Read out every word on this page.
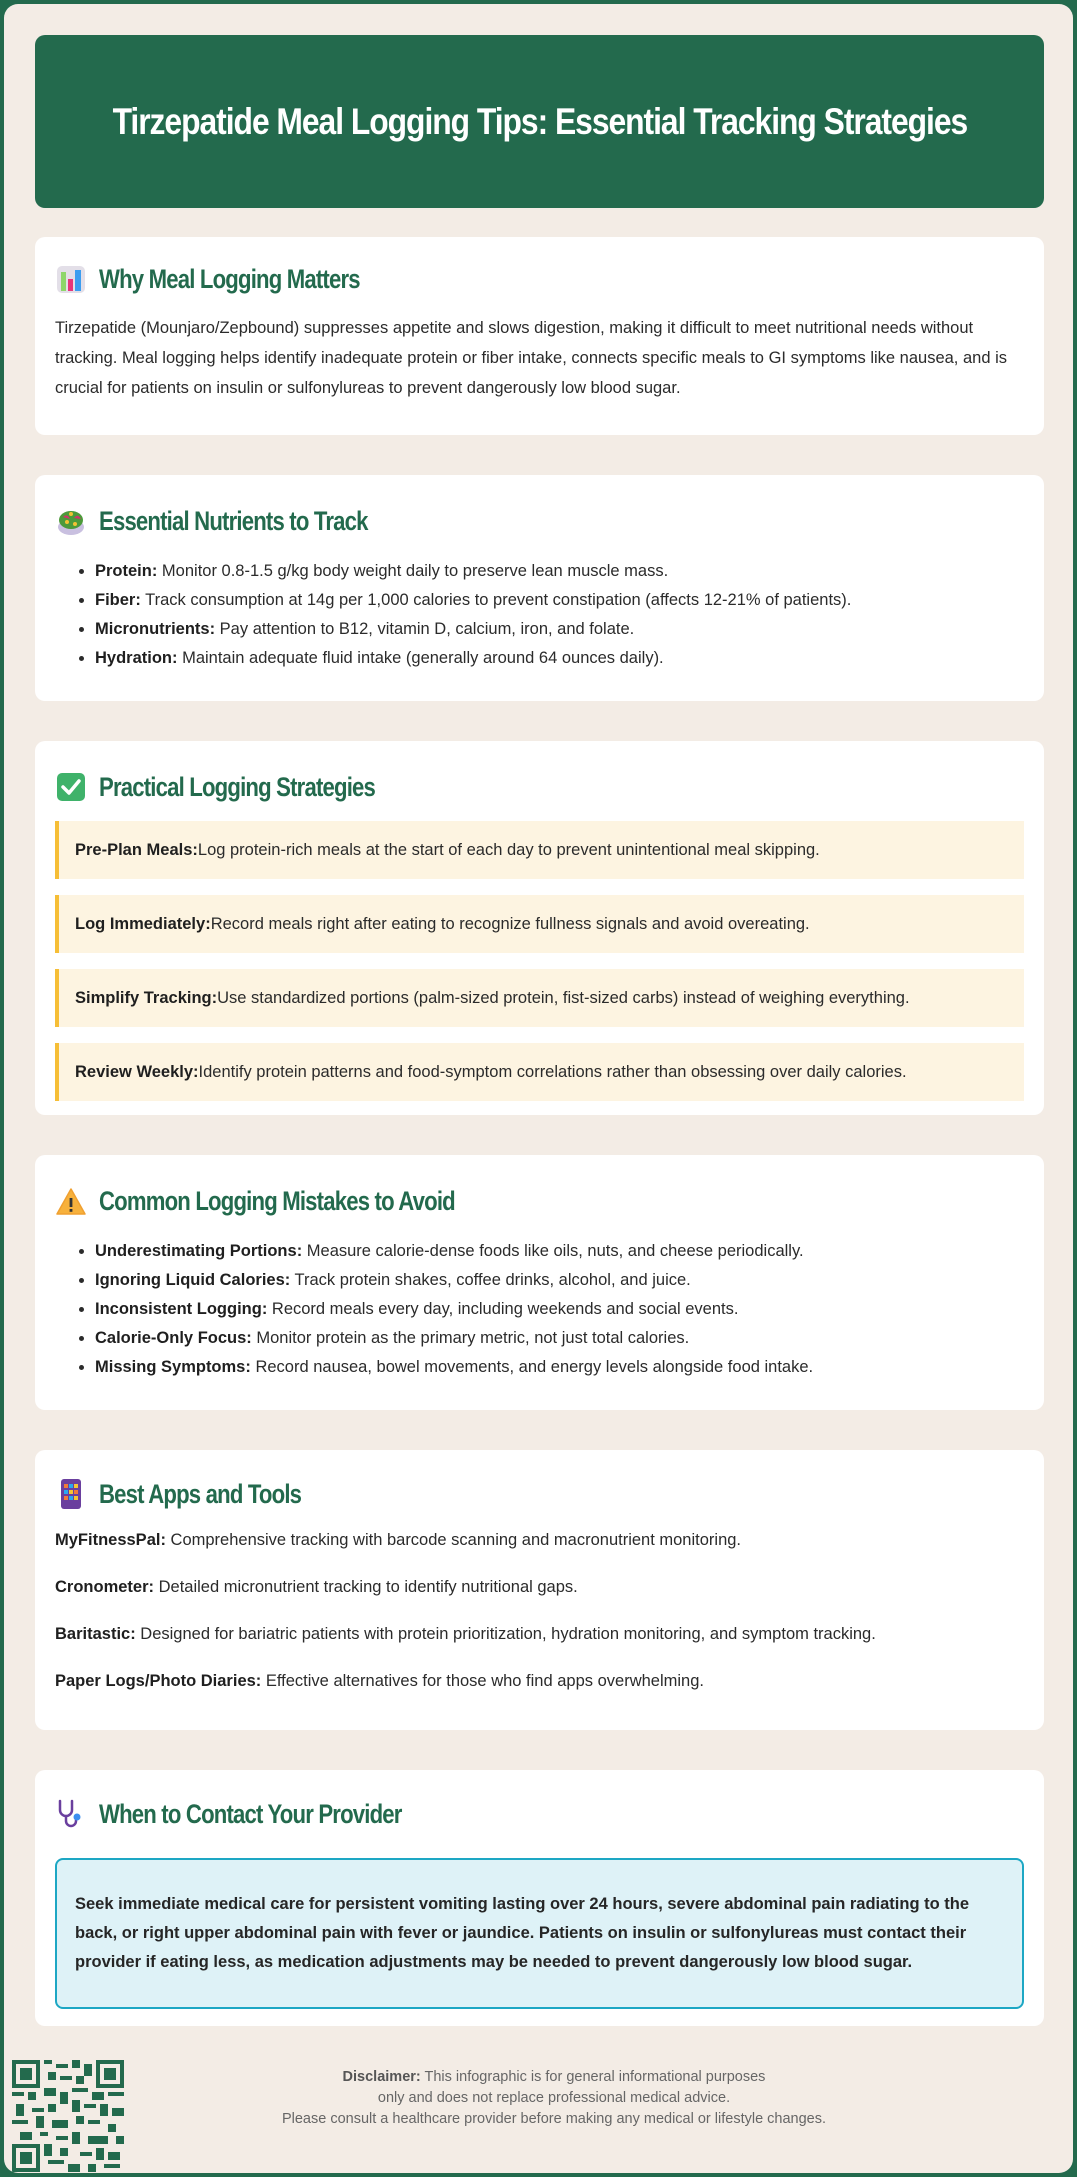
Tirzepatide Meal Logging Tips: Essential Tracking Strategies
Why Meal Logging Matters

Tirzepatide (Mounjaro/Zepbound) suppresses appetite and slows digestion, making it difficult to meet nutritional needs without tracking. Meal logging helps identify inadequate protein or fiber intake, connects specific meals to GI symptoms like nausea, and is crucial for patients on insulin or sulfonylureas to prevent dangerously low blood sugar.

Essential Nutrients to Track
• Protein: Monitor 0.8-1.5 g/kg body weight daily to preserve lean muscle mass.
• Fiber: Track consumption at 14g per 1,000 calories to prevent constipation (affects 12-21% of patients).
• Micronutrients: Pay attention to B12, vitamin D, calcium, iron, and folate.
• Hydration: Maintain adequate fluid intake (generally around 64 ounces daily).
Practical Logging Strategies
Pre-Plan Meals: Log protein-rich meals at the start of each day to prevent unintentional meal skipping.
Log Immediately: Record meals right after eating to recognize fullness signals and avoid overeating.
Simplify Tracking: Use standardized portions (palm-sized protein, fist-sized carbs) instead of weighing everything.
Review Weekly: Identify protein patterns and food-symptom correlations rather than obsessing over daily calories.
Common Logging Mistakes to Avoid
• Underestimating Portions: Measure calorie-dense foods like oils, nuts, and cheese periodically.
• Ignoring Liquid Calories: Track protein shakes, coffee drinks, alcohol, and juice.
• Inconsistent Logging: Record meals every day, including weekends and social events.
• Calorie-Only Focus: Monitor protein as the primary metric, not just total calories.
• Missing Symptoms: Record nausea, bowel movements, and energy levels alongside food intake.
Best Apps and Tools

MyFitnessPal: Comprehensive tracking with barcode scanning and macronutrient monitoring.

Cronometer: Detailed micronutrient tracking to identify nutritional gaps.

Baritastic: Designed for bariatric patients with protein prioritization, hydration monitoring, and symptom tracking.

Paper Logs/Photo Diaries: Effective alternatives for those who find apps overwhelming.

When to Contact Your Provider
Seek immediate medical care for persistent vomiting lasting over 24 hours, severe abdominal pain radiating to the back, or right upper abdominal pain with fever or jaundice. Patients on insulin or sulfonylureas must contact their provider if eating less, as medication adjustments may be needed to prevent dangerously low blood sugar.
Disclaimer: This infographic is for general informational purposes
only and does not replace professional medical advice.
Please consult a healthcare provider before making any medical or lifestyle changes.
